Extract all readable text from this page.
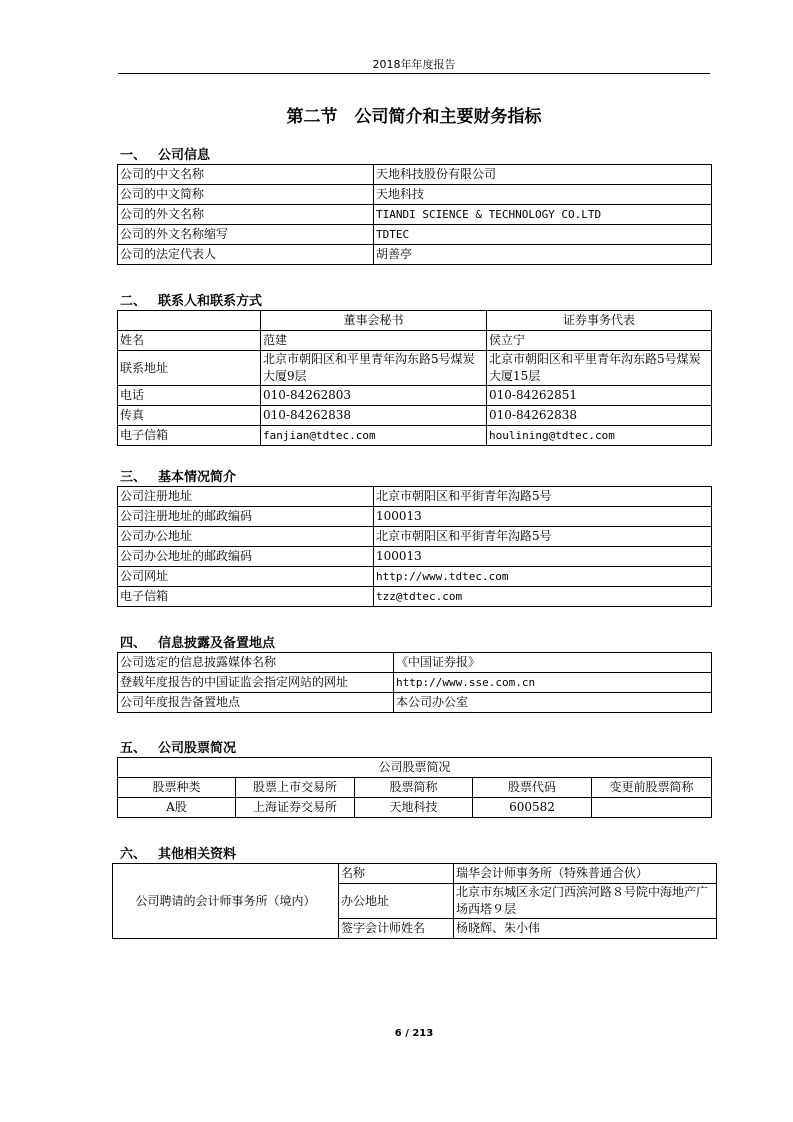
2018年年度报告
第二节　公司简介和主要财务指标
一、 公司信息
公司的中文名称	天地科技股份有限公司
公司的中文简称	天地科技
公司的外文名称	TIANDI SCIENCE & TECHNOLOGY CO.LTD
公司的外文名称缩写	TDTEC
公司的法定代表人	胡善亭
二、 联系人和联系方式
	董事会秘书	证券事务代表
姓名	范建	侯立宁
联系地址	北京市朝阳区和平里青年沟东路5号煤炭大厦9层	北京市朝阳区和平里青年沟东路5号煤炭大厦15层
电话	010-84262803	010-84262851
传真	010-84262838	010-84262838
电子信箱	fanjian@tdtec.com	houlining@tdtec.com
三、 基本情况简介
公司注册地址	北京市朝阳区和平街青年沟路5号
公司注册地址的邮政编码	100013
公司办公地址	北京市朝阳区和平街青年沟路5号
公司办公地址的邮政编码	100013
公司网址	http://www.tdtec.com
电子信箱	tzz@tdtec.com
四、 信息披露及备置地点
公司选定的信息披露媒体名称	《中国证券报》
登载年度报告的中国证监会指定网站的网址	http://www.sse.com.cn
公司年度报告备置地点	本公司办公室
五、 公司股票简况
公司股票简况				
股票种类	股票上市交易所	股票简称	股票代码	变更前股票简称
A股	上海证券交易所	天地科技	600582	
六、 其他相关资料
公司聘请的会计师事务所（境内）	名称	瑞华会计师事务所（特殊普通合伙）
	办公地址	北京市东城区永定门西滨河路８号院中海地产广场西塔９层
	签字会计师姓名	杨晓辉、朱小伟
6 / 213
